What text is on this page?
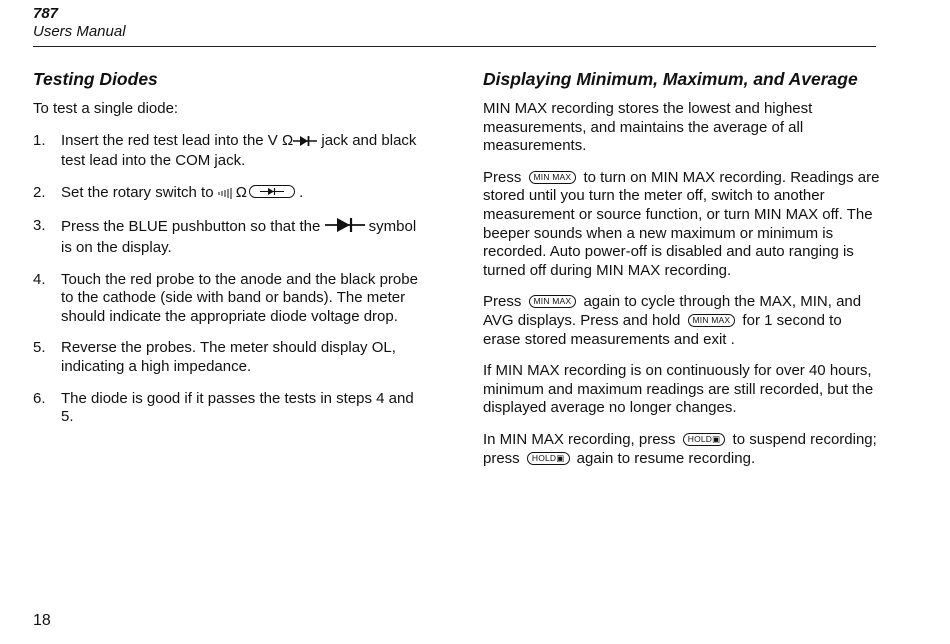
787
Users Manual
Testing Diodes

To test a single diode:

1. Insert the red test lead into the V Ω jack and black test lead into the COM jack.
2. Set the rotary switch to Ω	.
3. Press the BLUE pushbutton so that the	symbol is on the display.
4. Touch the red probe to the anode and the black probe to the cathode (side with band or bands). The meter should indicate the appropriate diode voltage drop.
5. Reverse the probes. The meter should display OL, indicating a high impedance.
6. The diode is good if it passes the tests in steps 4 and 5.
Displaying Minimum, Maximum, and Average

MIN MAX recording stores the lowest and highest measurements, and maintains the average of all measurements.

Press MIN MAX to turn on MIN MAX recording. Readings are stored until you turn the meter off, switch to another measurement or source function, or turn MIN MAX off. The beeper sounds when a new maximum or minimum is recorded. Auto power-off is disabled and auto ranging is turned off during MIN MAX recording.

Press MIN MAX again to cycle through the MAX, MIN, and AVG displays. Press and hold MIN MAX for 1 second to erase stored measurements and exit .

If MIN MAX recording is on continuously for over 40 hours, minimum and maximum readings are still recorded, but the displayed average no longer changes.

In MIN MAX recording, press HOLD▣ to suspend recording; press HOLD▣ again to resume recording.

18
